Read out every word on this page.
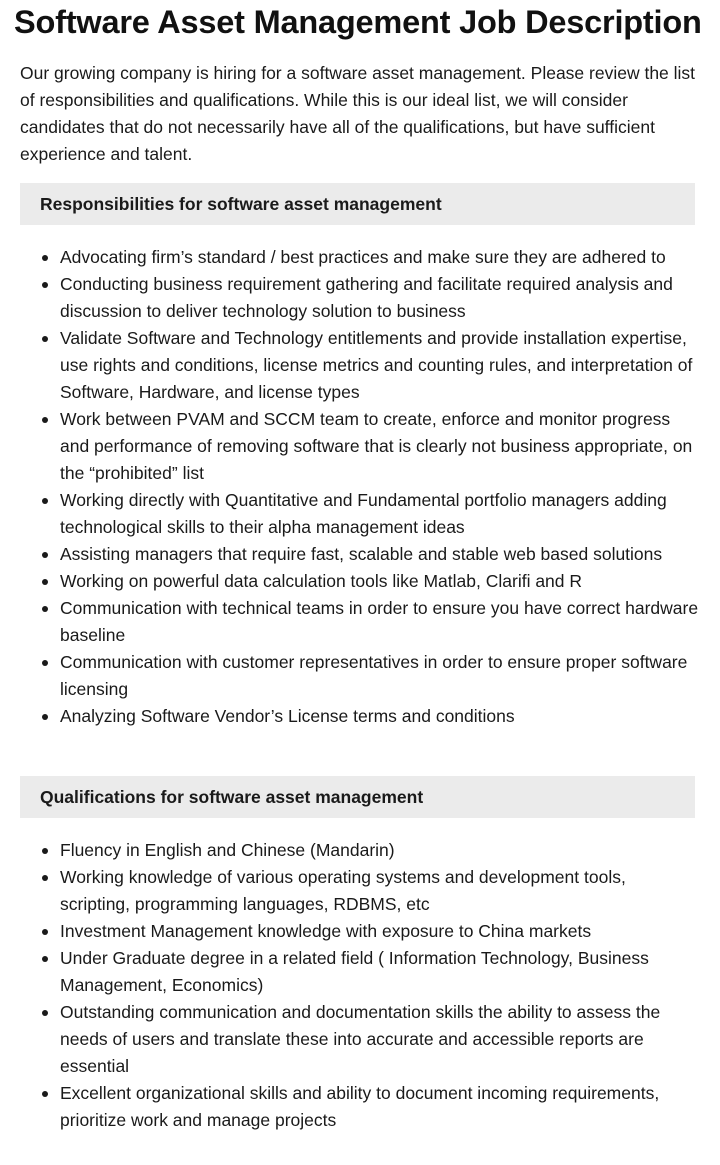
Software Asset Management Job Description

Our growing company is hiring for a software asset management. Please review the list of responsibilities and qualifications. While this is our ideal list, we will consider candidates that do not necessarily have all of the qualifications, but have sufficient experience and talent.

Responsibilities for software asset management
Advocating firm’s standard / best practices and make sure they are adhered to
Conducting business requirement gathering and facilitate required analysis and discussion to deliver technology solution to business
Validate Software and Technology entitlements and provide installation expertise, use rights and conditions, license metrics and counting rules, and interpretation of Software, Hardware, and license types
Work between PVAM and SCCM team to create, enforce and monitor progress and performance of removing software that is clearly not business appropriate, on the “prohibited” list
Working directly with Quantitative and Fundamental portfolio managers adding technological skills to their alpha management ideas
Assisting managers that require fast, scalable and stable web based solutions
Working on powerful data calculation tools like Matlab, Clarifi and R
Communication with technical teams in order to ensure you have correct hardware baseline
Communication with customer representatives in order to ensure proper software licensing
Analyzing Software Vendor’s License terms and conditions
Qualifications for software asset management
Fluency in English and Chinese (Mandarin)
Working knowledge of various operating systems and development tools, scripting, programming languages, RDBMS, etc
Investment Management knowledge with exposure to China markets
Under Graduate degree in a related field ( Information Technology, Business Management, Economics)
Outstanding communication and documentation skills the ability to assess the needs of users and translate these into accurate and accessible reports are essential
Excellent organizational skills and ability to document incoming requirements, prioritize work and manage projects
